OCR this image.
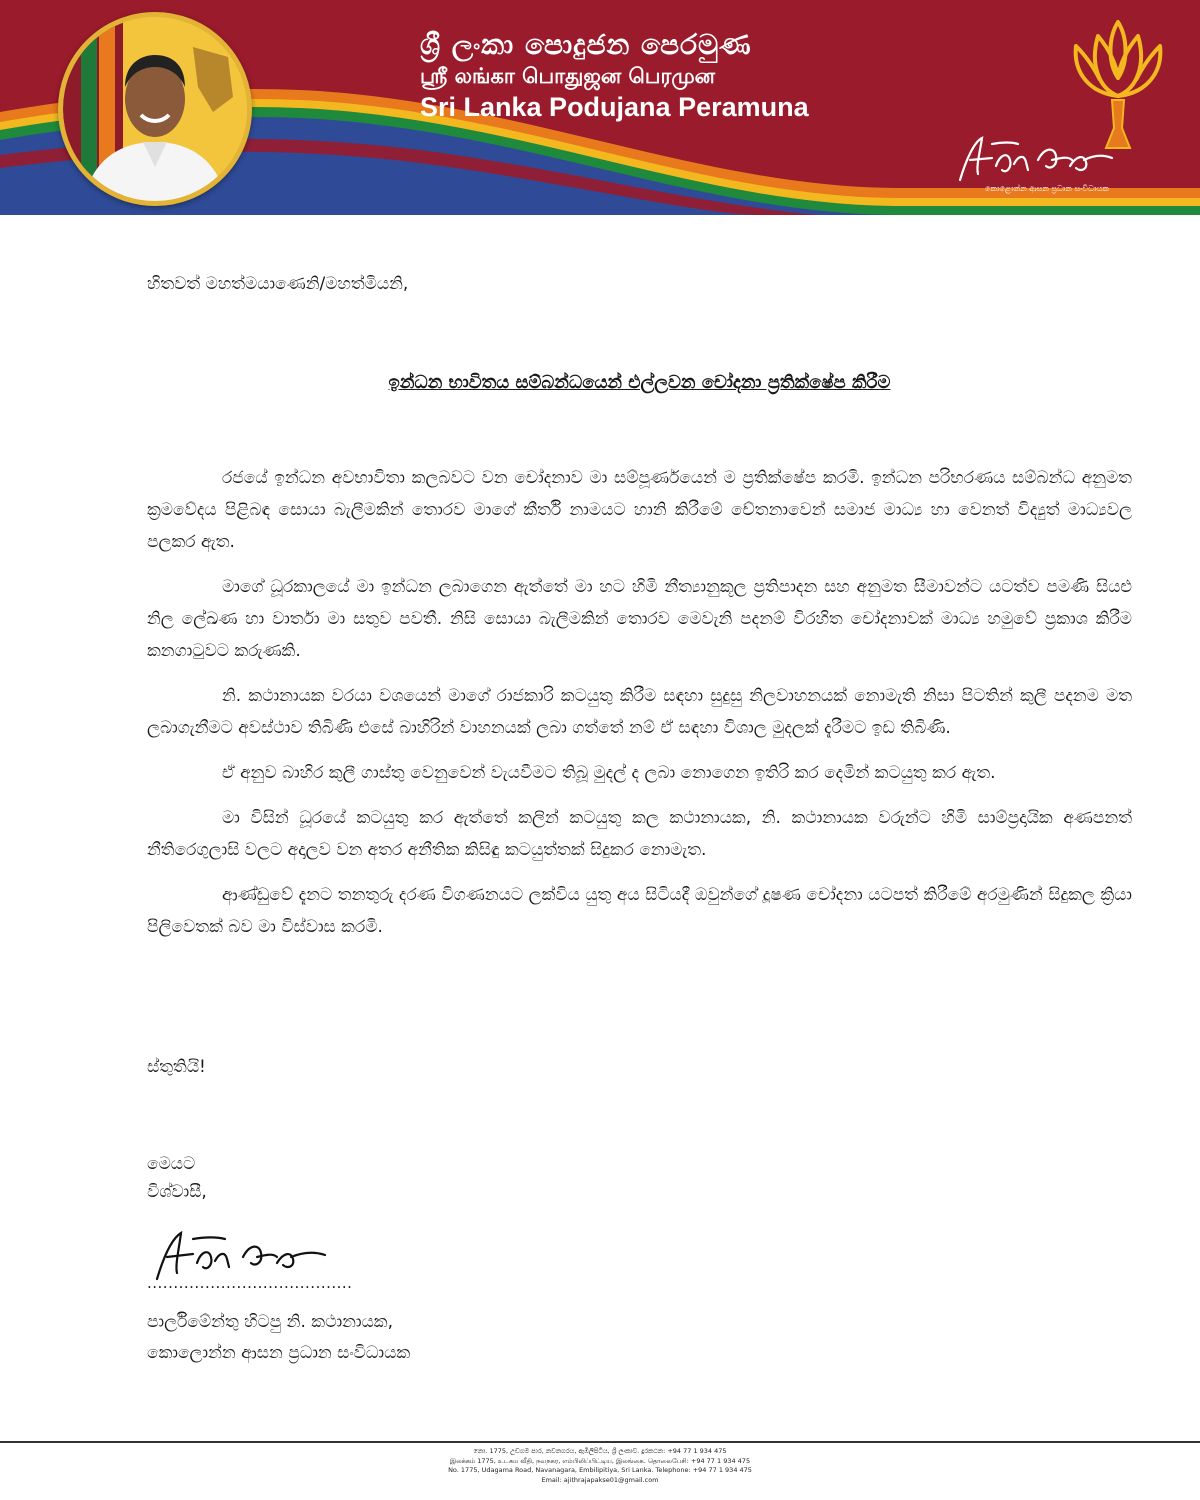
ශ්‍රී ලංකා පොදුජන පෙරමුණ
ஸ்ரீ லங்கா பொதுஜன பெரமுன
Sri Lanka Podujana Peramuna
කොළොන්න ආසන ප්‍රධාන සංවිධායක
හිතවත් මහත්මයාණෙනි/මහත්මියනි,
ඉන්ධන භාවිතය සම්බන්ධයෙන් එල්ලවන චෝදනා ප්‍රතික්ෂේප කිරීම

රජයේ ඉන්ධන අවභාවිතා කලබවට වන චෝදනාව මා සම්පූර්ණයෙන් ම ප්‍රතික්ෂේප කරමි. ඉන්ධන පරිභරණය සම්බන්ධ අනුමත ක්‍රමවේදය පිළිබඳ සොයා බැලීමකින් තොරව මාගේ කීර්ති නාමයට හානි කිරීමේ චේතනාවෙන් සමාජ මාධ්‍ය හා වෙනත් විද්‍යුත් මාධ්‍යවල පලකර ඇත.

මාගේ ධූරකාලයේ මා ඉන්ධන ලබාගෙන ඇත්තේ මා හට හිමි නීත්‍යානුකූල ප්‍රතිපාදන සහ අනුමත සීමාවන්ට යටත්ව පමණි සියළු නිල ලේඛණ හා වාර්තා මා සතුව පවතී. නිසි සොයා බැලීමකින් තොරව මෙවැනි පදනම් විරහිත චෝදනාවක් මාධ්‍ය හමුවේ ප්‍රකාශ කිරීම කනගාටුවට කරුණකි.

නි. කථානායක වරයා වශයෙන් මාගේ රාජකාරි කටයුතු කිරීම සඳහා සුදුසු නිලවාහනයක් නොමැති නිසා පිටතින් කුලී පදනම මත ලබාගැනීමට අවස්ථාව තිබිණි එසේ බාහිරින් වාහනයක් ලබා ගත්තේ නම් ඒ සඳහා විශාල මුදලක් දැරීමට ඉඩ තිබිණි.

ඒ අනුව බාහිර කුලී ගාස්තු වෙනුවෙන් වැයවීමට තිබූ මුදල් ද ලබා නොගෙන ඉතිරි කර දෙමින් කටයුතු කර ඇත.

මා විසින් ධූරයේ කටයුතු කර ඇත්තේ කලින් කටයුතු කල කථානායක, නි. කථානායක වරුන්ට හිමි සාම්ප්‍රදායික අණපනත් නීතිරෙගුලාසි වලට අදාලව වන අතර අනීතික කිසිඳු කටයුත්තක් සිදුකර නොමැත.

ආණ්ඩුවේ දැනට තනතුරු දරණ විගණනයට ලක්විය යුතු අය සිටියදී ඔවුන්ගේ දූෂණ චෝදනා යටපත් කිරීමේ අරමුණින් සිදුකල ක්‍රියා පිලිවෙතක් බව මා විස්වාස කරමි.

ස්තුතියි!
මෙයට
විශ්වාසී,
.......................................
පාර්ලිමේන්තු හිටපු නි. කථානායක,
කොලොන්න ආසන ප්‍රධාන සංවිධායක
නො. 1775, උඩගම පාර, නවනගරය, ඇඹිලිපිටිය, ශ්‍රී ලංකාව. දුරකථන: +94 77 1 934 475
இலக்கம் 1775, உடகம வீதி, நவநகர, எம்பிலிப்பிட்டிய, இலங்கை. தொலைபேசி: +94 77 1 934 475
No. 1775, Udagama Road, Navanagara, Embilipitiya, Sri Lanka. Telephone: +94 77 1 934 475
Email: ajithrajapakse01@gmail.com
